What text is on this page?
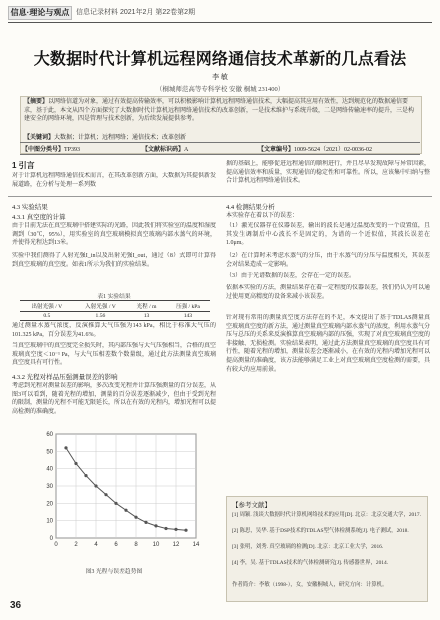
信息·理论与观点 信息记录材料 2021年2月 第22卷第2期
大数据时代计算机远程网络通信技术革新的几点看法
李 敏
（桐城师范高等专科学校 安徽 桐城 231400）
【摘要】以网络信道为对象，通过有效提高传输效率，可以积极影响计算机远程网络通信技术，大幅提高其应用有效性，达到规范化的数据通信要求，基于此，本文从四个方面探究了大数据时代计算机远程网络通信技术的改革创新，一是技术维护与系统升级，二是网络传输速率的提升，三是构建安全的网络环境，四是管理与技术创新，为后续发展提供参考。
【关键词】大数据；计算机；远程网络；通信技术；改革创新
【中图分类号】TP393	【文献标识码】A	【文章编号】1009-5624（2021）02-0036-02
1 引言
对于计算机远程网络通信技术而言，在其改革创新方面，大数据为其提供新发展道路，在分析与处理一系列数
据的基础上，能够促进远程通信的顺利进行，并且尽早发现故障与异常因素，提高通信效率和质量，实现通信的稳定性和可靠性。所以，应该集中归纳与整合计算机远程网络通信技术。
4.3 实验结果
4.3.1 真空度的计算
由于目前无法在真空玻璃中搭建实际的光路，因此我们将实验室的温度和湿度调到（30℃，95%），用实验室的真空玻璃模拟真空玻璃内部水蒸气的环境，并使得光程达到13米。
实验中我们测得了入射光强I_in以及出射光强I_out，通过（8）式即可计算得到真空玻璃的真空度。如表1所示为我们的实验结果。
表1 实验结果
出射光强 / V	入射光强 / V	光程 / m	压强 / kPa
0.5	1.56	13	143
通过测量水蒸气浓度，反演推算大气压强为143 kPa，相比于标准大气压的101.325 kPa，百分误差为41.6%。
当真空玻璃中的真空度完全损失时，其内部压强与大气压强相当，合格的真空玻璃真空度＜10⁻¹ Pa，与大气压相差数个数量级，通过此方法测量真空玻璃真空度具有可行性。
4.3.2 光程对样品压强测量误差的影响
考虑到光程对测量误差的影响，多次改变光程并计算压强测量的百分误差，从图3可以看到，随着光程的增加，测量的百分误差逐渐减少，但由于受到光程的限制，测量的光程不可能无限延长，所以在有效的光程内，增加光程可以提高检测的准确度。
0
10
20
30
40
50
60
0	2	4	6	8 10 12 14
图3 光程与误差趋势图
4.4 检测结果分析
本实验存在着以下的误差：
（1）激光仪器存在仪器误差，输出的波长是通过温度改变的一个设置值，且其发生调制后中心波长不是固定的，为谱的一个近似值，其波长误差在1.0μm。
（2）在计算时未考虑水蒸气的分压，由于水蒸气的分压与温度相关，其误差会对结果造成一定影响。
（3）由于光谱数据的误差，会存在一定的误差。
依据本实验的方法，测量结果存在着一定程度的仪器误差，我们仍认为可以通过使用更高精度的设备来减小该误差。
针对现有常用的测量真空度方法存在的不足，本文提出了基于TDLAS测量真空玻璃真空度的新方法，通过测量真空玻璃内部水蒸气的浓度，利用水蒸气分压与总压的关系来反演推算真空玻璃内部的压强，实现了对真空玻璃真空度的非接触、无损检测。实验结果表明，通过此方法测量真空玻璃的真空度具有可行性，随着光程的增加，测量误差会逐渐减小，在有效的光程内增加光程可以提高测量的准确度，该方法能够满足工业上对真空玻璃真空度检测的需要，具有较大的应用前景。
【参考文献】
[1] 周颖. 浅谈大数据时代计算机网络技术的应用[D]. 北京：北京交通大学，2017.
[2] 陈思，吴华. 基于DSP技术的TDLAS型气体检测系统[J]. 电子测试，2018.
[3] 张明，刘秀. 真空玻璃的检测[D]. 北京：北京工业大学，2016.
[4] 李，吴. 基于TDLAS技术的气体检测研究[J]. 传感器世界，2014.
作者简介：李敏（1998-），女，安徽桐城人，研究方向：计算机。
36
